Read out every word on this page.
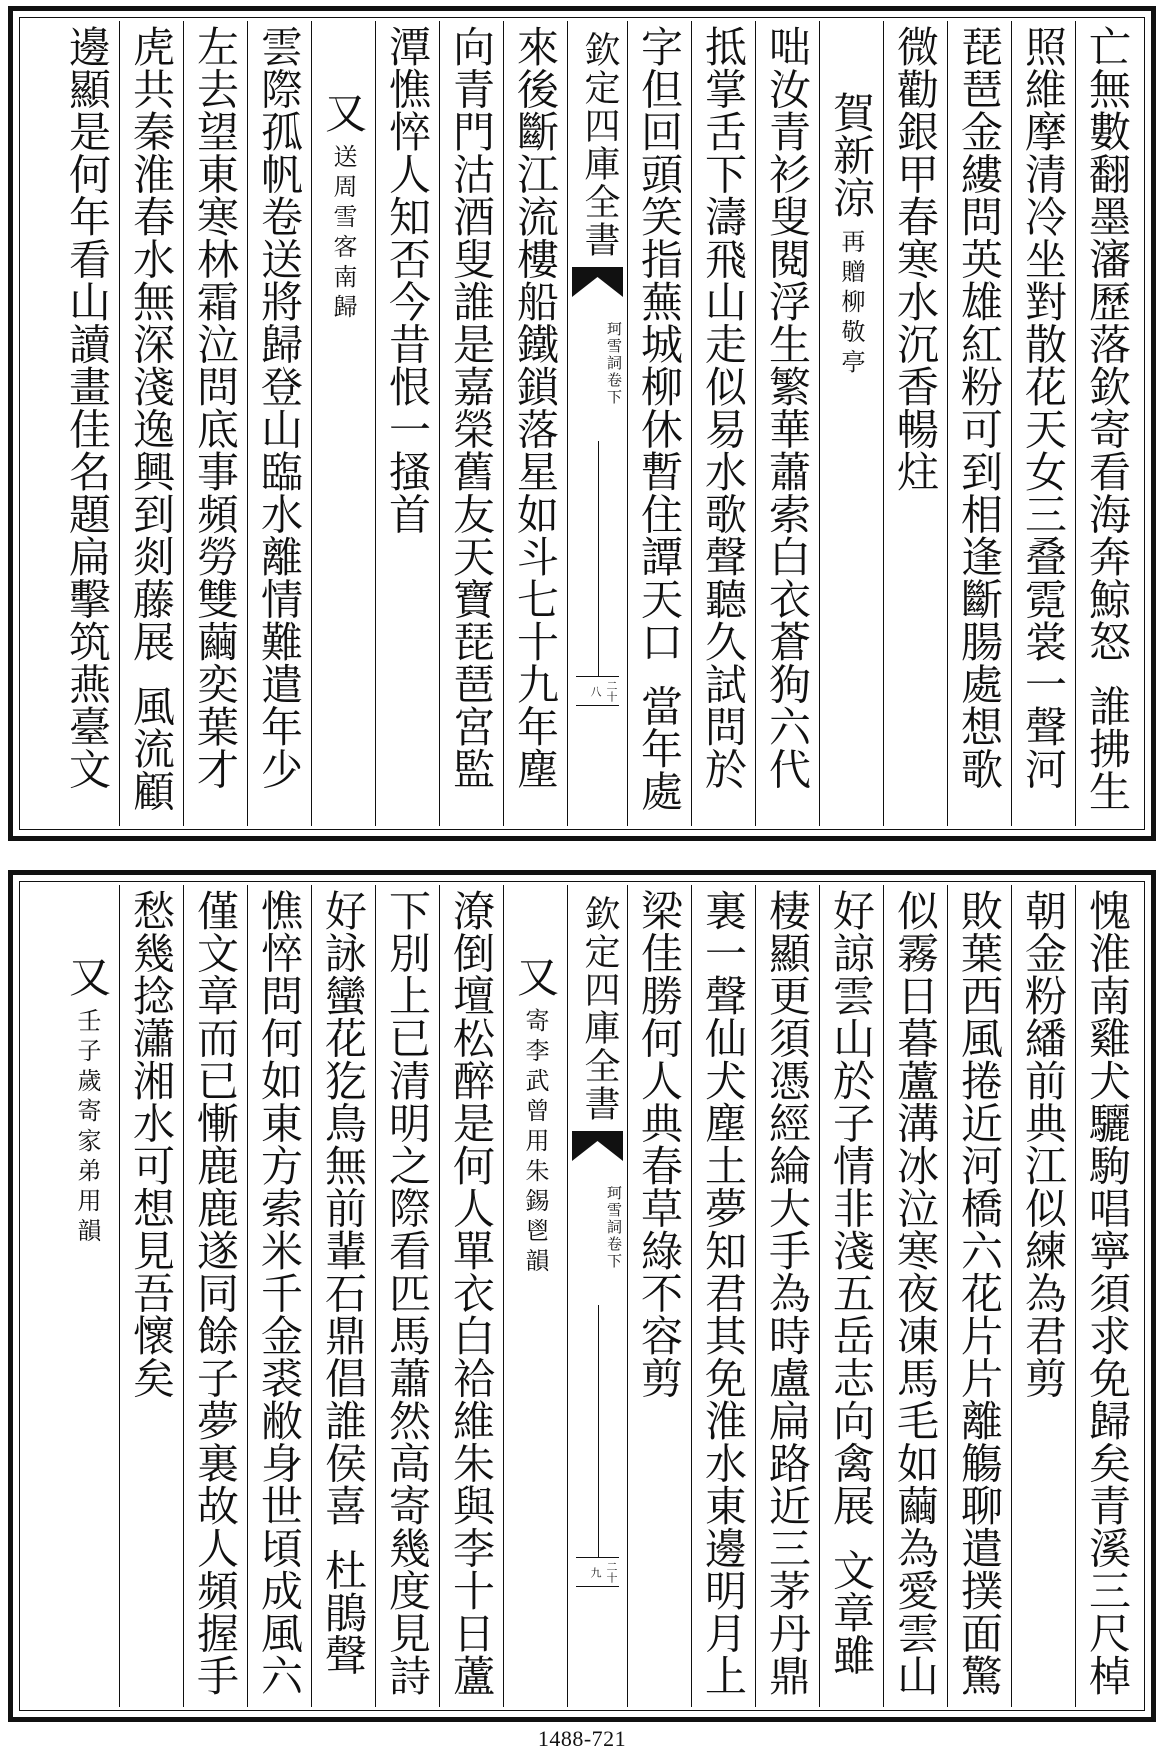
亡無數翻墨瀋歷落欽寄看海奔鯨怒誰拂生
照維摩清冷坐對散花天女三叠霓裳一聲河
琵琶金縷問英雄紅粉可到相逢斷腸處想歌
微勸銀甲春寒水沉香暢炷
賀新涼再贈柳敬亭
咄汝青衫叟閱浮生繁華蕭索白衣蒼狗六代
抵掌舌下濤飛山走似易水歌聲聽久試問於
字但回頭笑指蕪城柳休暫住譚天口當年處
欽定四庫全書
珂雪詞卷下
二十八
來後斷江流樓船鐵鎖落星如斗七十九年塵
向青門沽酒叟誰是嘉榮舊友天寶琵琶宮監
潭憔悴人知否今昔恨一搔首
又送周雪客南歸
雲際孤帆卷送將歸登山臨水離情難遣年少
左去望東寒林霜泣問底事頻勞雙繭奕葉才
虎共秦淮春水無深淺逸興到剡藤展風流顧
邊顯是何年看山讀畫佳名題扁擊筑燕臺文
愧淮南雞犬驪駒唱寧須求免歸矣青溪三尺棹
朝金粉繙前典江似練為君剪
敗葉西風捲近河橋六花片片離觴聊遣撲面驚
似霧日暮蘆溝冰泣寒夜凍馬毛如繭為愛雲山
好諒雲山於子情非淺五岳志向禽展文章雖
棲顯更須憑經綸大手為時盧扁路近三茅丹鼎
裏一聲仙犬塵土夢知君其免淮水東邊明月上
梁佳勝何人典春草綠不容剪
欽定四庫全書
珂雪詞卷下
二十九
又寄李武曾用朱錫鬯韻
潦倒壇松醉是何人單衣白袷維朱與李十日蘆
下別上已清明之際看匹馬蕭然高寄幾度見詩
好詠蠻花犵鳥無前輩石鼎倡誰侯喜杜鵑聲
憔悴問何如東方索米千金裘敝身世頃成風六
僅文章而已慚鹿鹿遂同餘子夢裏故人頻握手
愁幾捻瀟湘水可想見吾懷矣
又壬子歲寄家弟用韻
1488-721
